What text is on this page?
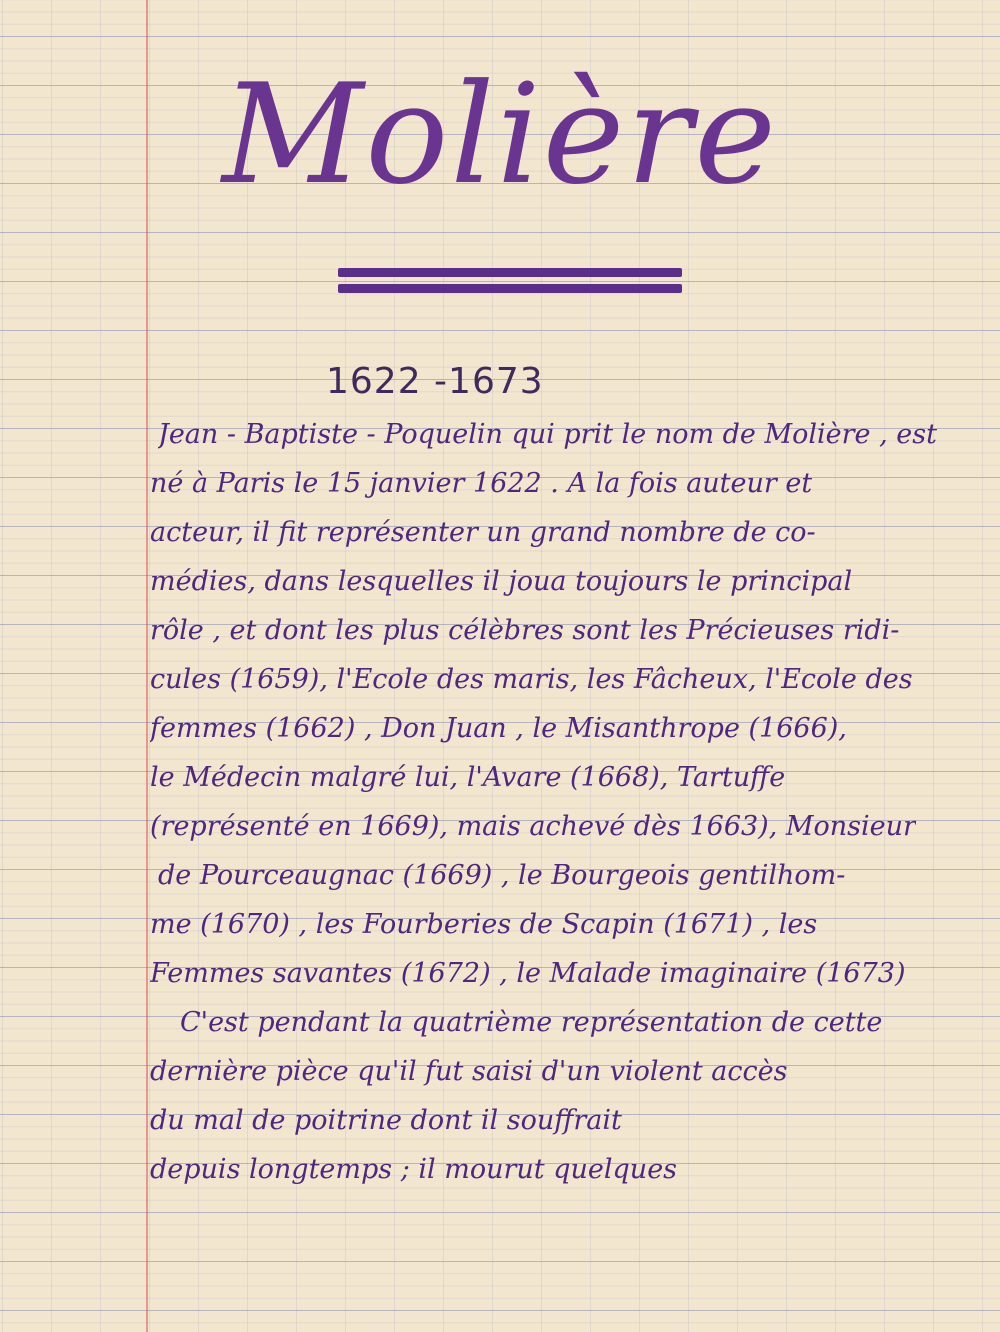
Molière
1622 -1673
Jean - Baptiste - Poquelin qui prit le nom de Molière , est
né à Paris le 15 janvier 1622 . A la fois auteur et
acteur, il fit représenter un grand nombre de co-
médies, dans lesquelles il joua toujours le principal
rôle , et dont les plus célèbres sont les Précieuses ridi-
cules (1659), l'Ecole des maris, les Fâcheux, l'Ecole des
femmes (1662) , Don Juan , le Misanthrope (1666),
le Médecin malgré lui, l'Avare (1668), Tartuffe
(représenté en 1669), mais achevé dès 1663), Monsieur
de Pourceaugnac (1669) , le Bourgeois gentilhom-
me (1670) , les Fourberies de Scapin (1671) , les
Femmes savantes (1672) , le Malade imaginaire (1673)
C'est pendant la quatrième représentation de cette
dernière pièce qu'il fut saisi d'un violent accès
du mal de poitrine dont il souffrait
depuis longtemps ; il mourut quelques
